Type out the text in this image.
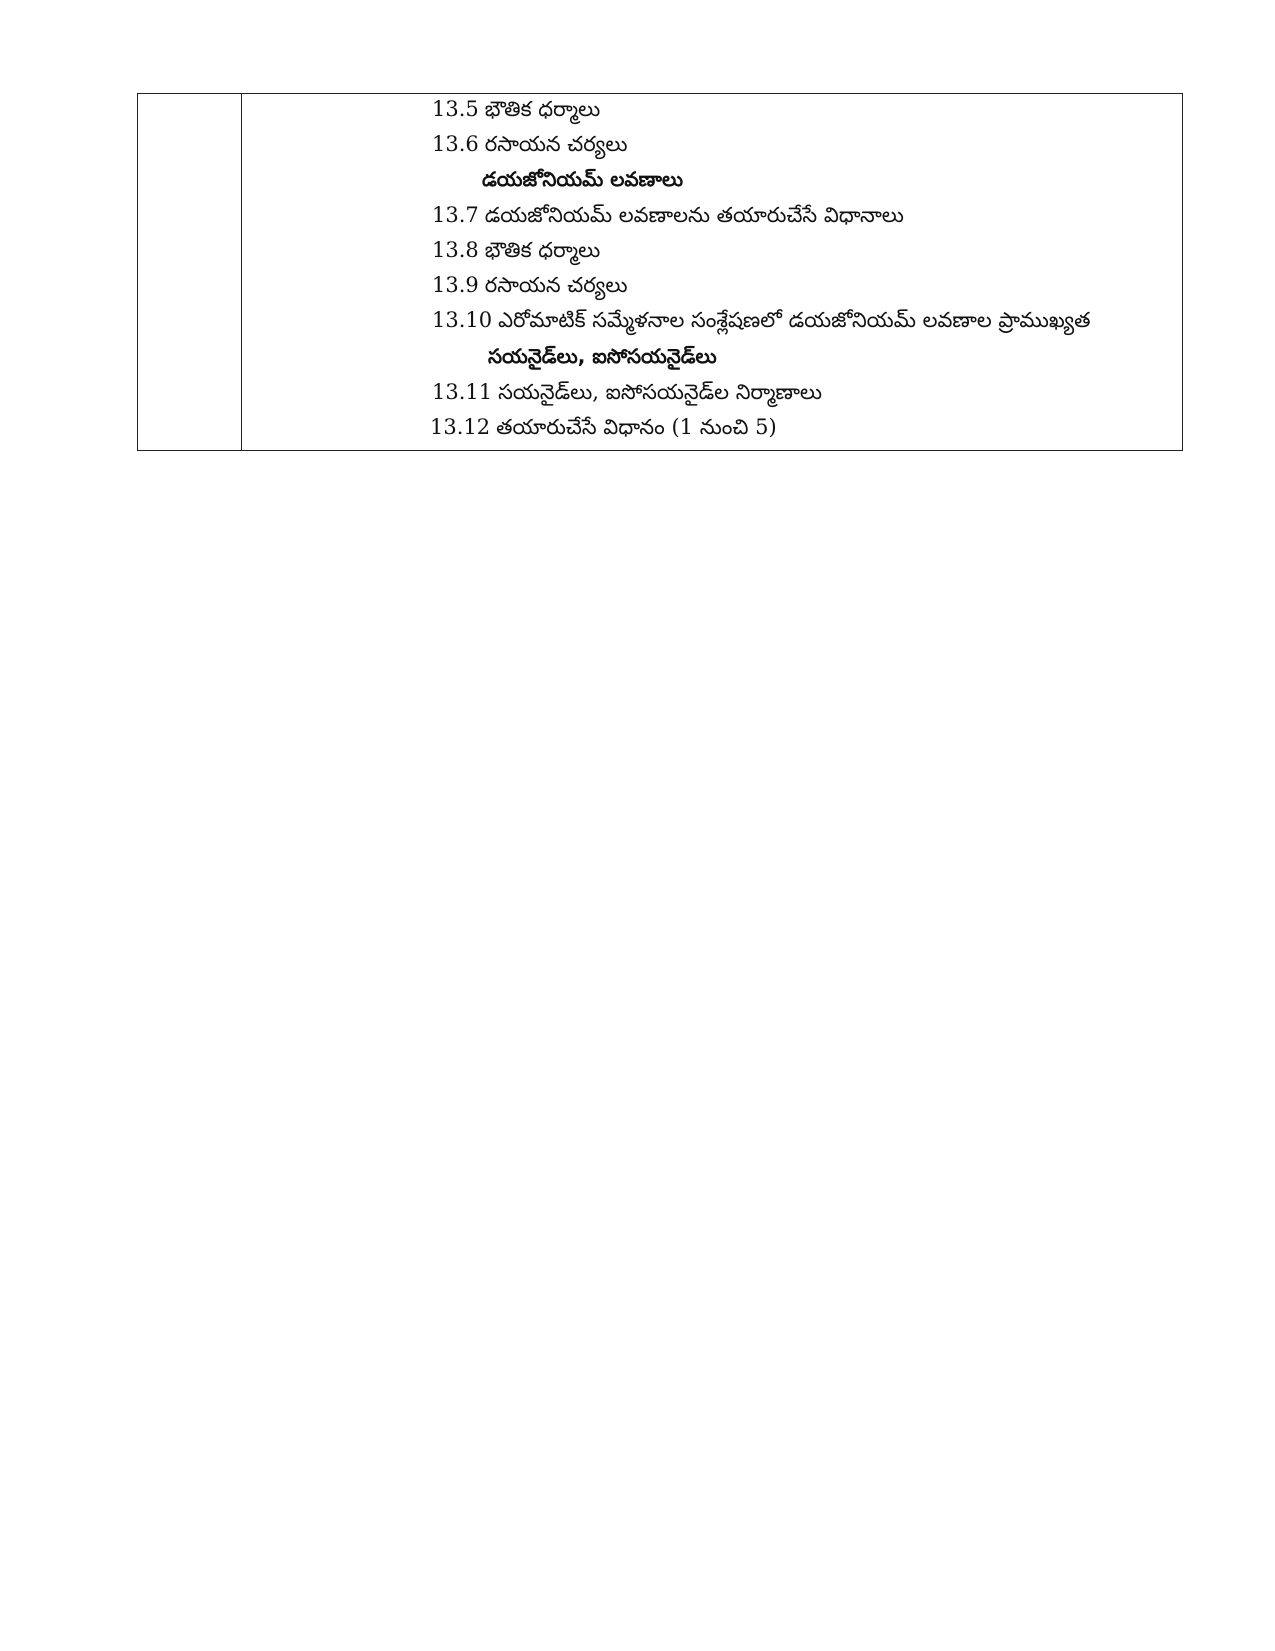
13.5 భౌతిక ధర్మాలు
13.6 రసాయన చర్యలు
డయజోనియమ్ లవణాలు
13.7 డయజోనియమ్ లవణాలను తయారుచేసే విధానాలు
13.8 భౌతిక ధర్మాలు
13.9 రసాయన చర్యలు
13.10 ఎరోమాటిక్ సమ్మేళనాల సంశ్లేషణలో డయజోనియమ్ లవణాల ప్రాముఖ్యత
సయనైడ్‌లు, ఐసోసయనైడ్‌లు
13.11 సయనైడ్‌లు, ఐసోసయనైడ్‌ల నిర్మాణాలు
13.12 తయారుచేసే విధానం (1 నుంచి 5)
